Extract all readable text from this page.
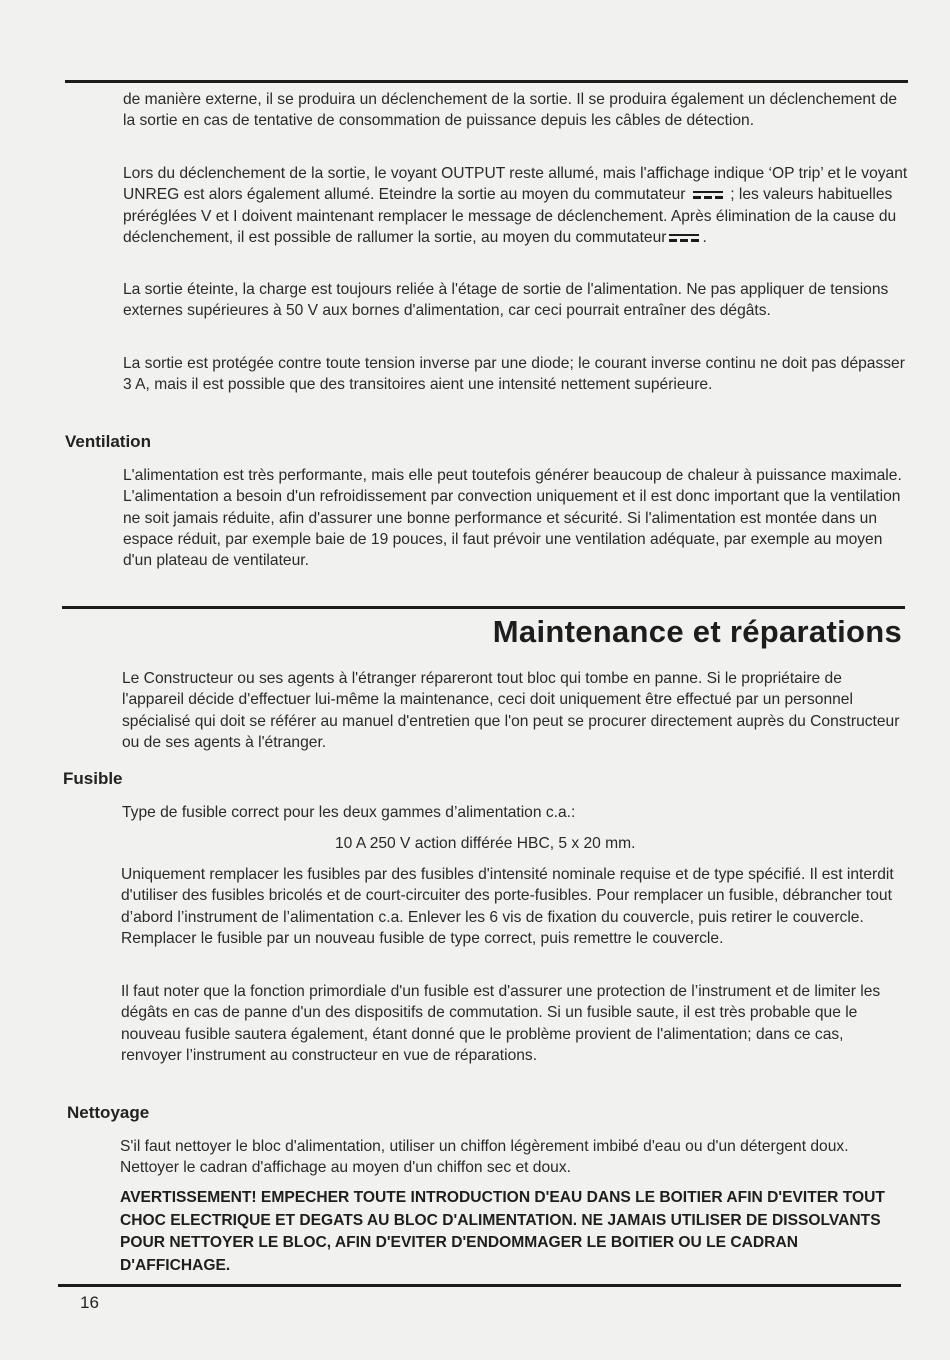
de manière externe, il se produira un déclenchement de la sortie. Il se produira également un déclenchement de la sortie en cas de tentative de consommation de puissance depuis les câbles de détection.

Lors du déclenchement de la sortie, le voyant OUTPUT reste allumé, mais l'affichage indique ‘OP trip’ et le voyant UNREG est alors également allumé. Eteindre la sortie au moyen du commutateur	; les valeurs habituelles préréglées V et I doivent maintenant remplacer le message de déclenchement. Après élimination de la cause du déclenchement, il est possible de rallumer la sortie, au moyen du commutateur .

La sortie éteinte, la charge est toujours reliée à l'étage de sortie de l'alimentation. Ne pas appliquer de tensions externes supérieures à 50 V aux bornes d'alimentation, car ceci pourrait entraîner des dégâts.

La sortie est protégée contre toute tension inverse par une diode; le courant inverse continu ne doit pas dépasser 3 A, mais il est possible que des transitoires aient une intensité nettement supérieure.

Ventilation

L'alimentation est très performante, mais elle peut toutefois générer beaucoup de chaleur à puissance maximale. L'alimentation a besoin d'un refroidissement par convection uniquement et il est donc important que la ventilation ne soit jamais réduite, afin d'assurer une bonne performance et sécurité. Si l'alimentation est montée dans un espace réduit, par exemple baie de 19 pouces, il faut prévoir une ventilation adéquate, par exemple au moyen d'un plateau de ventilateur.

Maintenance et réparations

Le Constructeur ou ses agents à l'étranger répareront tout bloc qui tombe en panne. Si le propriétaire de l'appareil décide d'effectuer lui-même la maintenance, ceci doit uniquement être effectué par un personnel spécialisé qui doit se référer au manuel d'entretien que l'on peut se procurer directement auprès du Constructeur ou de ses agents à l'étranger.

Fusible

Type de fusible correct pour les deux gammes d’alimentation c.a.:

10 A 250 V action différée HBC, 5 x 20 mm.

Uniquement remplacer les fusibles par des fusibles d'intensité nominale requise et de type spécifié. Il est interdit d'utiliser des fusibles bricolés et de court-circuiter des porte-fusibles. Pour remplacer un fusible, débrancher tout d’abord l’instrument de l’alimentation c.a. Enlever les 6 vis de fixation du couvercle, puis retirer le couvercle. Remplacer le fusible par un nouveau fusible de type correct, puis remettre le couvercle.

Il faut noter que la fonction primordiale d'un fusible est d'assurer une protection de l’instrument et de limiter les dégâts en cas de panne d'un des dispositifs de commutation. Si un fusible saute, il est très probable que le nouveau fusible sautera également, étant donné que le problème provient de l'alimentation; dans ce cas, renvoyer l’instrument au constructeur en vue de réparations.

Nettoyage

S'il faut nettoyer le bloc d'alimentation, utiliser un chiffon légèrement imbibé d'eau ou d'un détergent doux. Nettoyer le cadran d'affichage au moyen d'un chiffon sec et doux.

AVERTISSEMENT! EMPECHER TOUTE INTRODUCTION D'EAU DANS LE BOITIER AFIN D'EVITER TOUT CHOC ELECTRIQUE ET DEGATS AU BLOC D'ALIMENTATION. NE JAMAIS UTILISER DE DISSOLVANTS POUR NETTOYER LE BLOC, AFIN D'EVITER D'ENDOMMAGER LE BOITIER OU LE CADRAN D'AFFICHAGE.

16
